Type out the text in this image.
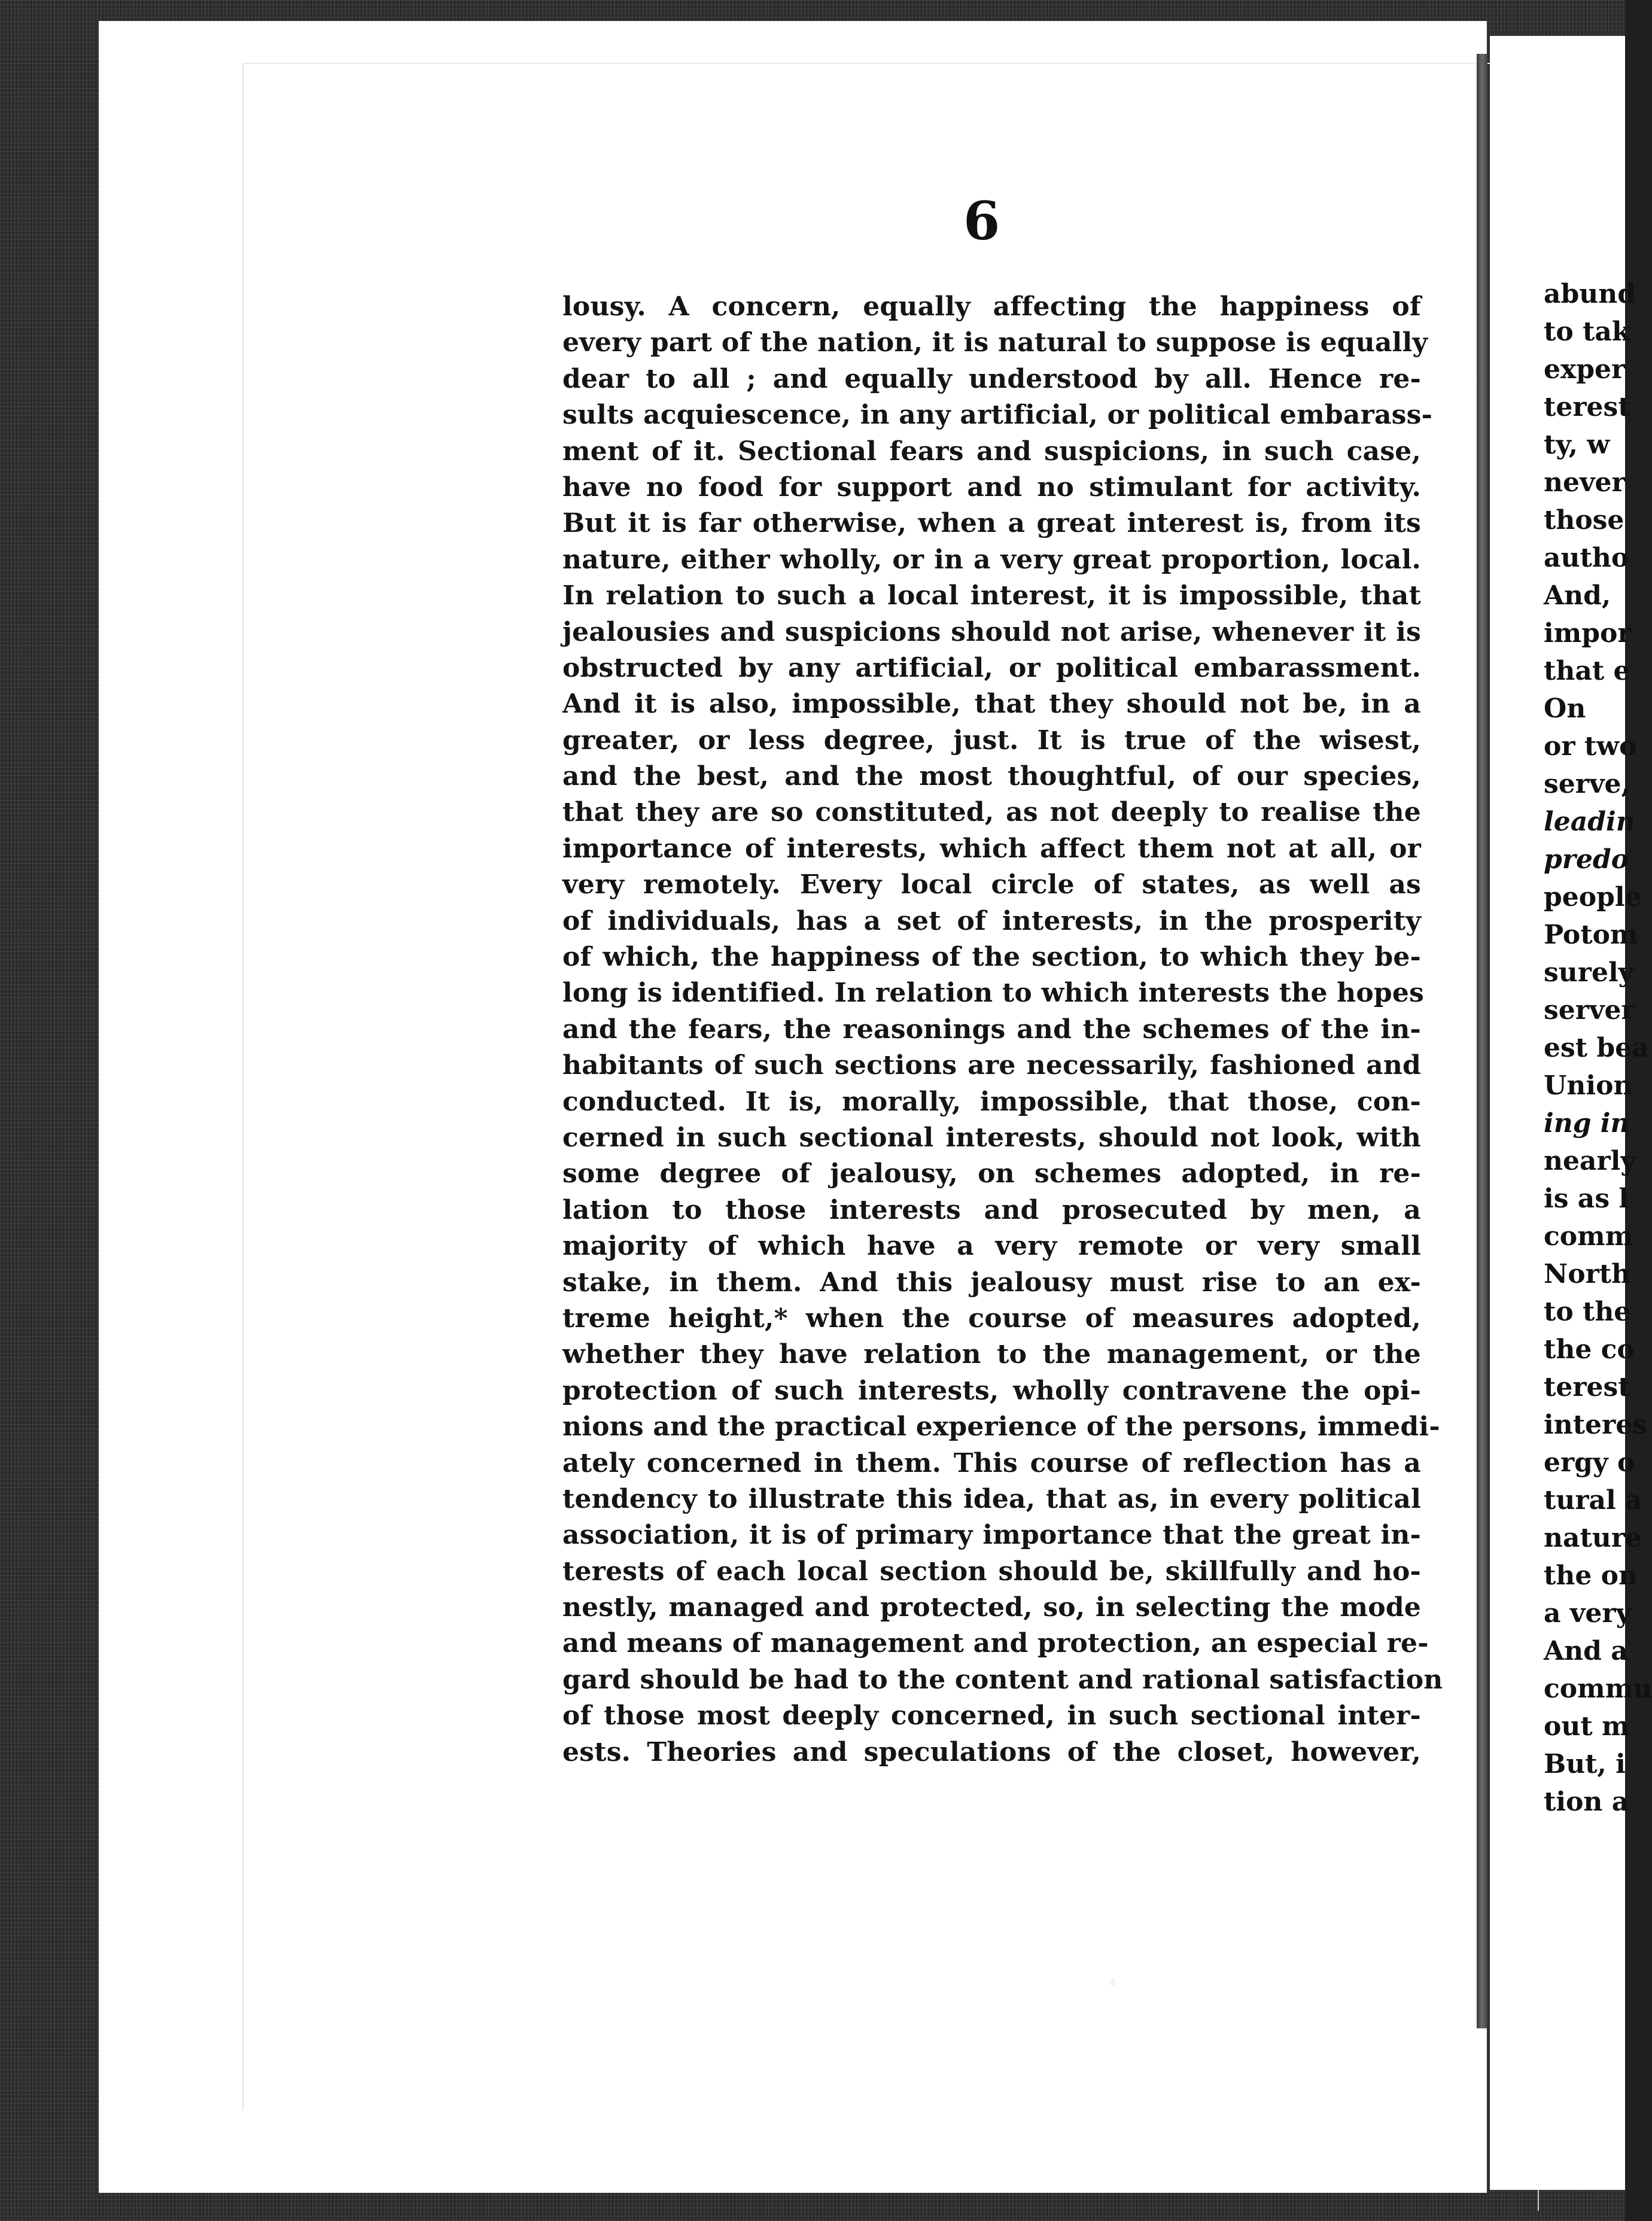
6
lousy. A concern, equally affecting the happiness of
every part of the nation, it is natural to suppose is equally
dear to all ; and equally understood by all. Hence re-
sults acquiescence, in any artificial, or political embarass-
ment of it. Sectional fears and suspicions, in such case,
have no food for support and no stimulant for activity.
But it is far otherwise, when a great interest is, from its
nature, either wholly, or in a very great proportion, local.
In relation to such a local interest, it is impossible, that
jealousies and suspicions should not arise, whenever it is
obstructed by any artificial, or political embarassment.
And it is also, impossible, that they should not be, in a
greater, or less degree, just. It is true of the wisest,
and the best, and the most thoughtful, of our species,
that they are so constituted, as not deeply to realise the
importance of interests, which affect them not at all, or
very remotely. Every local circle of states, as well as
of individuals, has a set of interests, in the prosperity
of which, the happiness of the section, to which they be-
long is identified. In relation to which interests the hopes
and the fears, the reasonings and the schemes of the in-
habitants of such sections are necessarily, fashioned and
conducted. It is, morally, impossible, that those, con-
cerned in such sectional interests, should not look, with
some degree of jealousy, on schemes adopted, in re-
lation to those interests and prosecuted by men, a
majority of which have a very remote or very small
stake, in them. And this jealousy must rise to an ex-
treme height,* when the course of measures adopted,
whether they have relation to the management, or the
protection of such interests, wholly contravene the opi-
nions and the practical experience of the persons, immedi-
ately concerned in them. This course of reflection has a
tendency to illustrate this idea, that as, in every political
association, it is of primary importance that the great in-
terests of each local section should be, skillfully and ho-
nestly, managed and protected, so, in selecting the mode
and means of management and protection, an especial re-
gard should be had to the content and rational satisfaction
of those most deeply concerned, in such sectional inter-
ests. Theories and speculations of the closet, however,
abund
to tak
exper
terest
ty, w
never
those
autho
And,
impor
that e
On
or two
serve,
leadin
predo
people
Potom
surely
server
est bea
Union
ing in
nearly
is as l
comm
North
to the
the co
terest
interes
ergy o
tural a
nature
the on
a very
And a
commu
out m
But, i
tion a
